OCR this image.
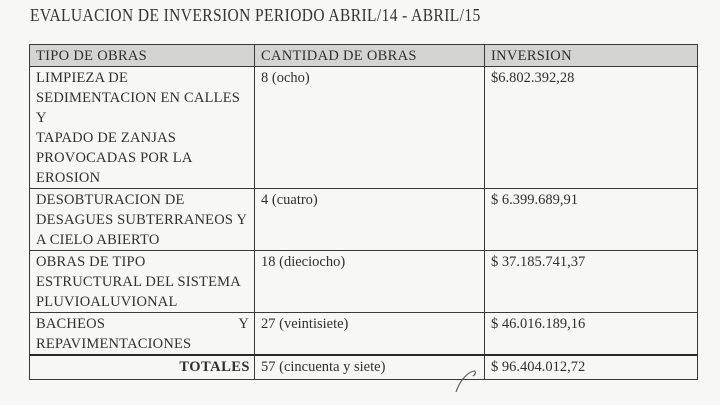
EVALUACION DE INVERSION PERIODO ABRIL/14 - ABRIL/15
TIPO DE OBRAS	CANTIDAD DE OBRAS	INVERSION

LIMPIEZA DE
SEDIMENTACION EN CALLES Y
TAPADO DE ZANJAS
PROVOCADAS POR LA
EROSION	8 (ocho)	$6.802.392,28

DESOBTURACION DE
DESAGUES SUBTERRANEOS Y
A CIELO ABIERTO	4 (cuatro)	$ 6.399.689,91

OBRAS DE TIPO
ESTRUCTURAL DEL SISTEMA
PLUVIOALUVIONAL	18 (dieciocho)	$ 37.185.741,37

BACHEOS Y
REPAVIMENTACIONES	27 (veintisiete)	$ 46.016.189,16
TOTALES	57 (cincuenta y siete)	$ 96.404.012,72
